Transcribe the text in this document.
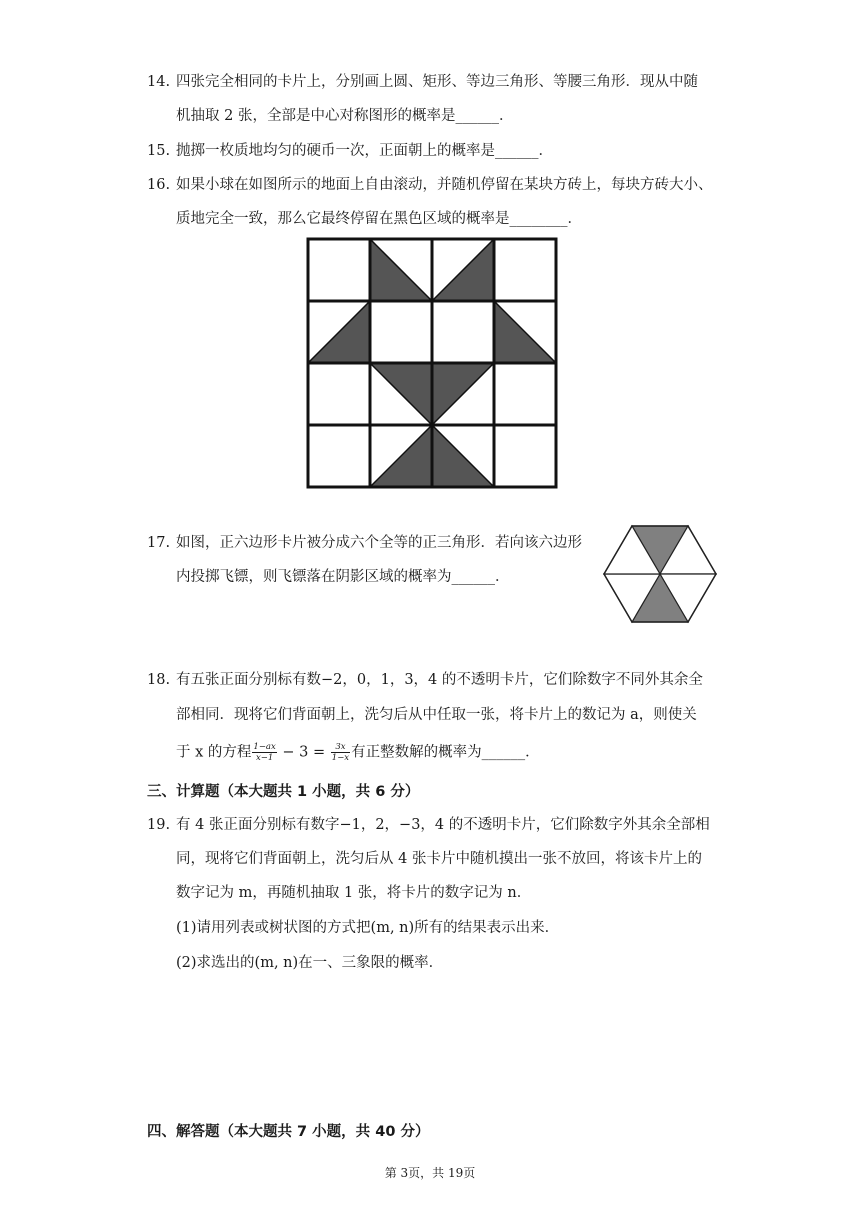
14. 四张完全相同的卡片上，分别画上圆、矩形、等边三角形、等腰三角形．现从中随
机抽取 2 张，全部是中心对称图形的概率是______．
15. 抛掷一枚质地均匀的硬币一次，正面朝上的概率是______．
16. 如果小球在如图所示的地面上自由滚动，并随机停留在某块方砖上，每块方砖大小、
质地完全一致，那么它最终停留在黑色区域的概率是________．
17. 如图，正六边形卡片被分成六个全等的正三角形．若向该六边形
内投掷飞镖，则飞镖落在阴影区域的概率为______．
18. 有五张正面分别标有数−2，0，1，3，4 的不透明卡片，它们除数字不同外其余全
部相同．现将它们背面朝上，洗匀后从中任取一张，将卡片上的数记为 a，则使关
于 x 的方程 $\frac{1-ax}{x-1} - 3 = \frac{3x}{1-x}$ 有正整数解的概率为______．
三、计算题（本大题共 1 小题，共 6 分）
19. 有 4 张正面分别标有数字−1，2，−3，4 的不透明卡片，它们除数字外其余全部相
同，现将它们背面朝上，洗匀后从 4 张卡片中随机摸出一张不放回，将该卡片上的
数字记为 m，再随机抽取 1 张，将卡片的数字记为 n．
(1)请用列表或树状图的方式把(m, n)所有的结果表示出来．
(2)求选出的(m, n)在一、三象限的概率．
四、解答题（本大题共 7 小题，共 40 分）
第 3页，共 19页
